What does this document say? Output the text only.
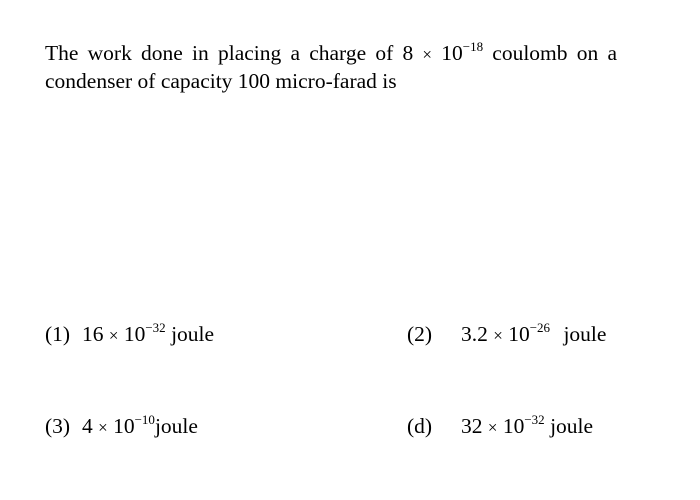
The work done in placing a charge of $8 \times 10^{-18}$ coulomb on a condenser of capacity 100 micro-farad is

(1) $16 \times 10^{-32}$ joule	(2) $3.2 \times 10^{-26}$ joule
(3) $4 \times 10^{-10}joule$	(d) $32 \times 10^{-32}$ joule
